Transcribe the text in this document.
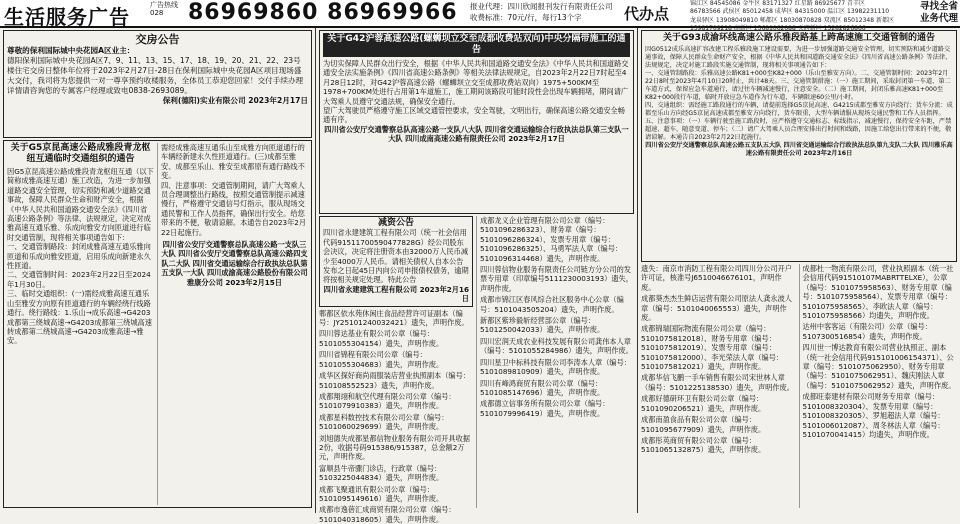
生活服务广告	广告热线 028	86969860 86969966 报业代理：四川欣闻报刊发行有限责任公司
收费标准：70元/行，每行13个字	代办点
锦江区 84545086 金牛区 83171327 红星路 86925677 青羊区 86783566 武侯区 85012458 成华区 84315000 温江区 13982231110 龙泉驿区 13908049810 郫都区 18030870828 双流区 85012348 新都区 13981709218 高新区 15681062088 天府新区 15282826866
寻找全省
业务代理
交房公告

尊敬的保利国际城中央花园A区业主：

德阳保利国际城中央花园A区7、9、11、13、15、17、18、19、20、21、22、23号楼住宅交房日整体年位将于2023年2月27日-28日在保利国际城中央花园A区项目现场盛大交付，我司将为您提供一对一尊享预约收楼服务，全体员工恭迎您回家！交付手续办理详情请咨询您的专属客户经理或致电0838-2693089。

保利(德阳)实业有限公司 2023年2月17日

关于G5京昆高速公路成雅段青龙枢纽互通临时交通组织的通告

因G5京昆高速公路成雅段青龙枢纽互通（以下简称成雅高速互通）施工改造，为进一步加强道路交通安全管理，切实预防和减少道路交通事故，保障人民群众生命和财产安全，根据《中华人民共和国道路交通安全法》《四川省高速公路条例》等法律、法规规定，决定对成雅高速互通乐雅、乐成向雅安方向匝道进行临时交通管制，现将相关事项通告如下：

一、交通管制路段：封闭成雅高速互通乐雅向匝道和乐成向雅安匝道，启用乐成向新建永久性匝道。

二、交通管制时间：2023年2月22日至2024年1月30日。

三、临时交通组织：(一)需经成雅高速互通乐山至雅安方向原有匝道通行的车辆经绕行线路通行。绕行路线：1.乐山→成乐高速→G4203成都第三绕城高速→G4203成都第三绕城高速转成都第二绕城高速→G4203成雅高速→雅安。

需经成雅高速互通乐山至成雅方向匝道通行的车辆经新建永久性匝道通行。(三)成都至雅安、成都至乐山、雅安至成都原有通行路线不变。

四、注意事项：交通管制期间，请广大驾乘人员合理调整出行路线，按照交通管制提示减速慢行，严格遵守交通信号灯指示，服从现场交通民警和工作人员指挥，确保出行安全。给您带来的不便，敬请谅解。本通告自2023年2月22日起施行。

四川省公安厅交通警察总队高速公路一支队三大队 四川省公安厅交通警察总队高速公路四支队二大队 四川省交通运输综合行政执法总队第五支队一大队 四川成渝高速公路股份有限公司雅康分公司 2023年2月15日

关于G42沪蓉高速公路(螺蛳坝立交至成都收费站双向)中央分隔带施工的通告

为切实保障人民群众出行安全，根据《中华人民共和国道路交通安全法》《中华人民共和国道路交通安全法实施条例》《四川省高速公路条例》等相关法律法规规定，自2023年2月22日7时起至4月28日12时，对G42沪蓉高速公路（螺蛳坝立交至成都收费站双向）1975+500KM至1978+700KM处进行占用第1车道施工，施工期间该路段可能时段性会出现车辆拥堵，期间请广大驾乘人员遵守交通法规，确保安全通行。

望广大驾驶员严格遵守施工区域交通管控要求，安全驾驶，文明出行，确保高速公路交通安全畅通有序。

四川省公安厅交通警察总队高速公路一支队八大队 四川省交通运输综合行政执法总队第三支队一大队 四川成南高速公路有限责任公司 2023年2月17日

减资公告

四川省永建建筑工程有限公司（统一社会信用代码91511700590477828G）经公司股东会决议，决定将注册资本由32000万人民币减少至4000万人民币。请相关债权人自本公告发布之日起45日内向公司申报债权债务，逾期将按相关规定处理。特此公告

四川省永建建筑工程有限公司 2023年2月16日

郫都区依水苑休闲庄食品经营许可证副本（编号：JY25101240032421）遗失，声明作废。

四川蓉达基业有限公司公章（编号：5101055304154）遗失，声明作废。

四川省锦程有限公司公章（编号：5101055304683）遗失，声明作废。

成华区探好商尚雨服装店营业执照副本（编号：510108552523）遗失，声明作废。

成都翔翊和航空代理有限公司公章（编号：5101079910383）遗失，声明作废。

成都星科数控技术有限公司公章（编号：5101060029699）遗失，声明作废。

刘旭德失成都星都信物业服务有限公司开具收据2份，收据号码915386/915387，总金额2万元，声明作废。

富顺县牛帝骤门诊店，行政章（编号：5103225044834）遗失，声明作废。

成都飞聚通讯有限公司公章（编号：5101095149616）遗失，声明作废。

成都市逸蓓汇成商贸有限公司公章（编号：5101040318605）遗失，声明作废。

成都龙义企业管理有限公司公章（编号：5101096286323）、财务章（编号：5101096286324）、发票专用章（编号：5101096286325）、马勇军法人章（编号：5101096314468）遗失，声明作废。

四川蓉信物业服务有限责任公司链方分公司的发票专用章（印章编号5111230003193）遗失，声明作废。

成都市锦江区春风综合社区服务中心公章（编号：5101043505204）遗失，声明作废。

新都区紫珍毅斩经营部公章（编号：5101250042033）遗失，声明作废。

四川宏润天成农业科技发展有限公司龚伟本人章（编号：5101055284986）遗失，声明作废。

四川星卫中标科技有限公司李涛本人章（编号：5101089810909）遗失，声明作废。

四川有峰鸿商贸有限公司公章（编号：5101085147696）遗失，声明作废。

成都德立信事务所有限公司公章（编号：5101079996419）遗失，声明作废。

关于G93成渝环线高速公路乐雅段路基上跨高速施工交通管制的通告

因G0512成乐高速扩容改建工程乐雅段施工建设需要，为进一步加强道路交通安全管理，切实预防和减少道路交通事故，保障人民群众生命财产安全，根据《中华人民共和国道路交通安全法》《四川省高速公路条例》等法律、法规规定，决定对施工路段实施交通管制，现将相关事项通告如下：

一、交通管制路段：乐雅高速公路K81+000至K82+000（乐山至雅安方向）。二、交通管制时间：2023年2月22日8时至2023年4月10日20时止，共计48天。三、交通管制措施：（一）施工期间，采取封闭第一车道、第二车道方式，保留应急车道通行，请过往车辆减速慢行，注意安全。（二）施工期间，封闭乐雅高速K81+000至K82+000段行车道，临时开放应急车道作为行车道，车辆限速60公里/小时。

四、交通组织：需经施工路段通行的车辆，请提前选择G5京昆高速、G4215成都至雅安方向绕行；货车分流：成都至乐山方向经G5京昆高速成都至雅安方向绕行，货车限重，大型车辆请服从现场交通民警和工作人员指挥。

五、注意事项：（一）车辆行驶至施工路段时，应严格遵守交通标志、标线指示，减速慢行，保持安全车距，严禁超速、超车、随意变道、停车；（二）请广大驾乘人员合理安排出行时间和线路，因施工给您出行带来的不便，敬请谅解。本通告自2023年2月22日起施行。

四川省公安厅交通警察总队高速公路五支队五大队 四川省交通运输综合行政执法总队第九支队二大队 四川雅乐高速公路有限责任公司 2023年2月16日

遗失：南京市消防工程有限公司四川分公司开户许可证，核准号J6510046676101，声明作废。

成都葵杰杰生鲜店运营有限公司原法人龚永波人章（编号：5101040065553）遗失，声明作废。

成都锦瑞国际物流有限公司公章（编号：5101075812018）、财务专用章（编号：5101075812019）、发票专用章（编号：5101075812000）、李光荣法人章（编号：5101075812021）遗失，声明作废。

成都华信飞鹏一手车销售有限公司宋世林人章（编号：5101225138530）遗失，声明作废。

成都好德研环卫有限公司公章（编号：5101090206521）遗失，声明作废。

成都南盈食品有限公司公章（编号：5101095677909）遗失，声明作废。

成都彤英商贸有限公司公章（编号：5101065132875）遗失，声明作废。

成都杜一物流有限公司，营业执照副本（统一社会信用代码91510107MABRTTELXE），公章（编号：5101075958563）、财务专用章（编号：5101075958564）、发票专用章（编号：5101075958565）、李欧法人章（编号：5101075958566）均遗失，声明作废。

达州中客客运（有限公司）公章（编号：5107300516854）遗失，声明作废。

四川世一博达教育有限公司营业执照正、副本（统一社会信用代码915101006154371）、公章（编号：5101075062950）、财务专用章（编号：5101075062951）、魏庆刚法人章（编号：5101075062952）遗失，声明作废。

成都旺泰建材有限公司财务专用章（编号：5101008320304）、发票专用章（编号：5101008320305）、罗旭超法人章（编号：5101006012087）、周冬林法人章（编号：5101070041415）均遗失，声明作废。
